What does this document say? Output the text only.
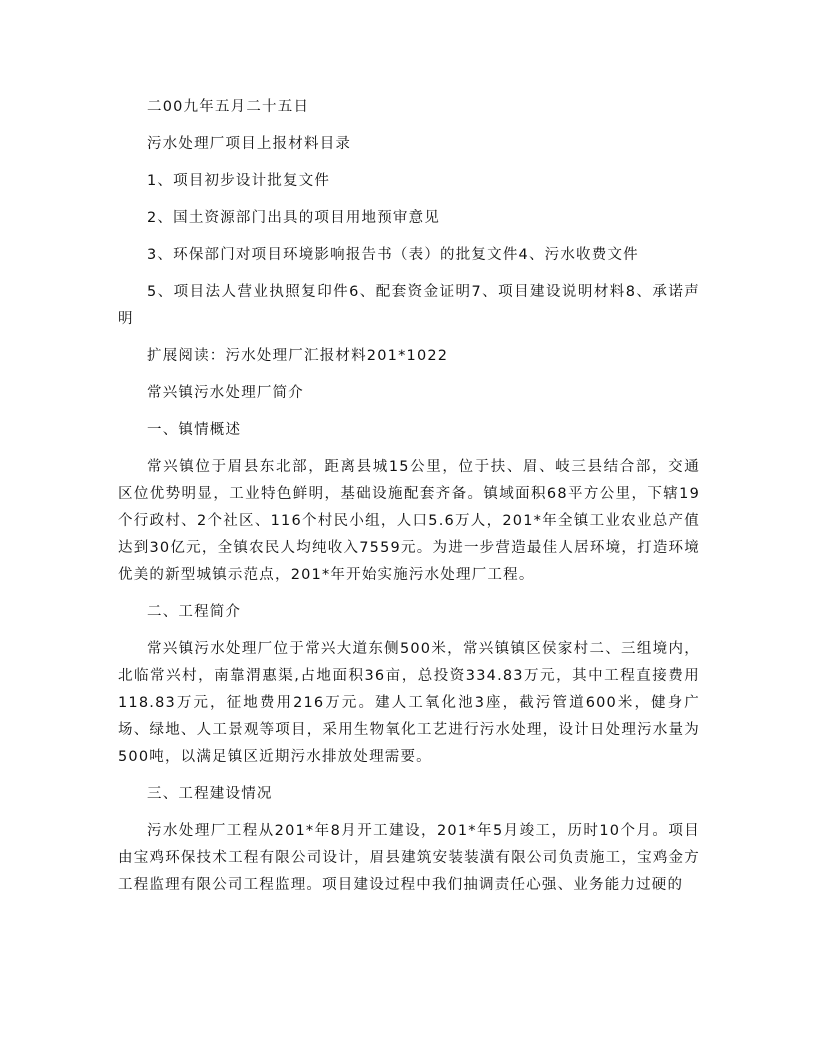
二00九年五月二十五日

污水处理厂项目上报材料目录

1、项目初步设计批复文件

2、国土资源部门出具的项目用地预审意见

3、环保部门对项目环境影响报告书（表）的批复文件4、污水收费文件

5、项目法人营业执照复印件6、配套资金证明7、项目建设说明材料8、承诺声明

扩展阅读：污水处理厂汇报材料201*1022

常兴镇污水处理厂简介

一、镇情概述

常兴镇位于眉县东北部，距离县城15公里，位于扶、眉、岐三县结合部，交通区位优势明显，工业特色鲜明，基础设施配套齐备。镇域面积68平方公里，下辖19个行政村、2个社区、116个村民小组，人口5.6万人，201*年全镇工业农业总产值达到30亿元，全镇农民人均纯收入7559元。为进一步营造最佳人居环境，打造环境优美的新型城镇示范点，201*年开始实施污水处理厂工程。

二、工程简介

常兴镇污水处理厂位于常兴大道东侧500米，常兴镇镇区侯家村二、三组境内，北临常兴村，南靠渭惠渠,占地面积36亩，总投资334.83万元，其中工程直接费用118.83万元，征地费用216万元。建人工氧化池3座，截污管道600米，健身广场、绿地、人工景观等项目，采用生物氧化工艺进行污水处理，设计日处理污水量为500吨，以满足镇区近期污水排放处理需要。

三、工程建设情况

污水处理厂工程从201*年8月开工建设，201*年5月竣工，历时10个月。项目由宝鸡环保技术工程有限公司设计，眉县建筑安装装潢有限公司负责施工，宝鸡金方工程监理有限公司工程监理。项目建设过程中我们抽调责任心强、业务能力过硬的
